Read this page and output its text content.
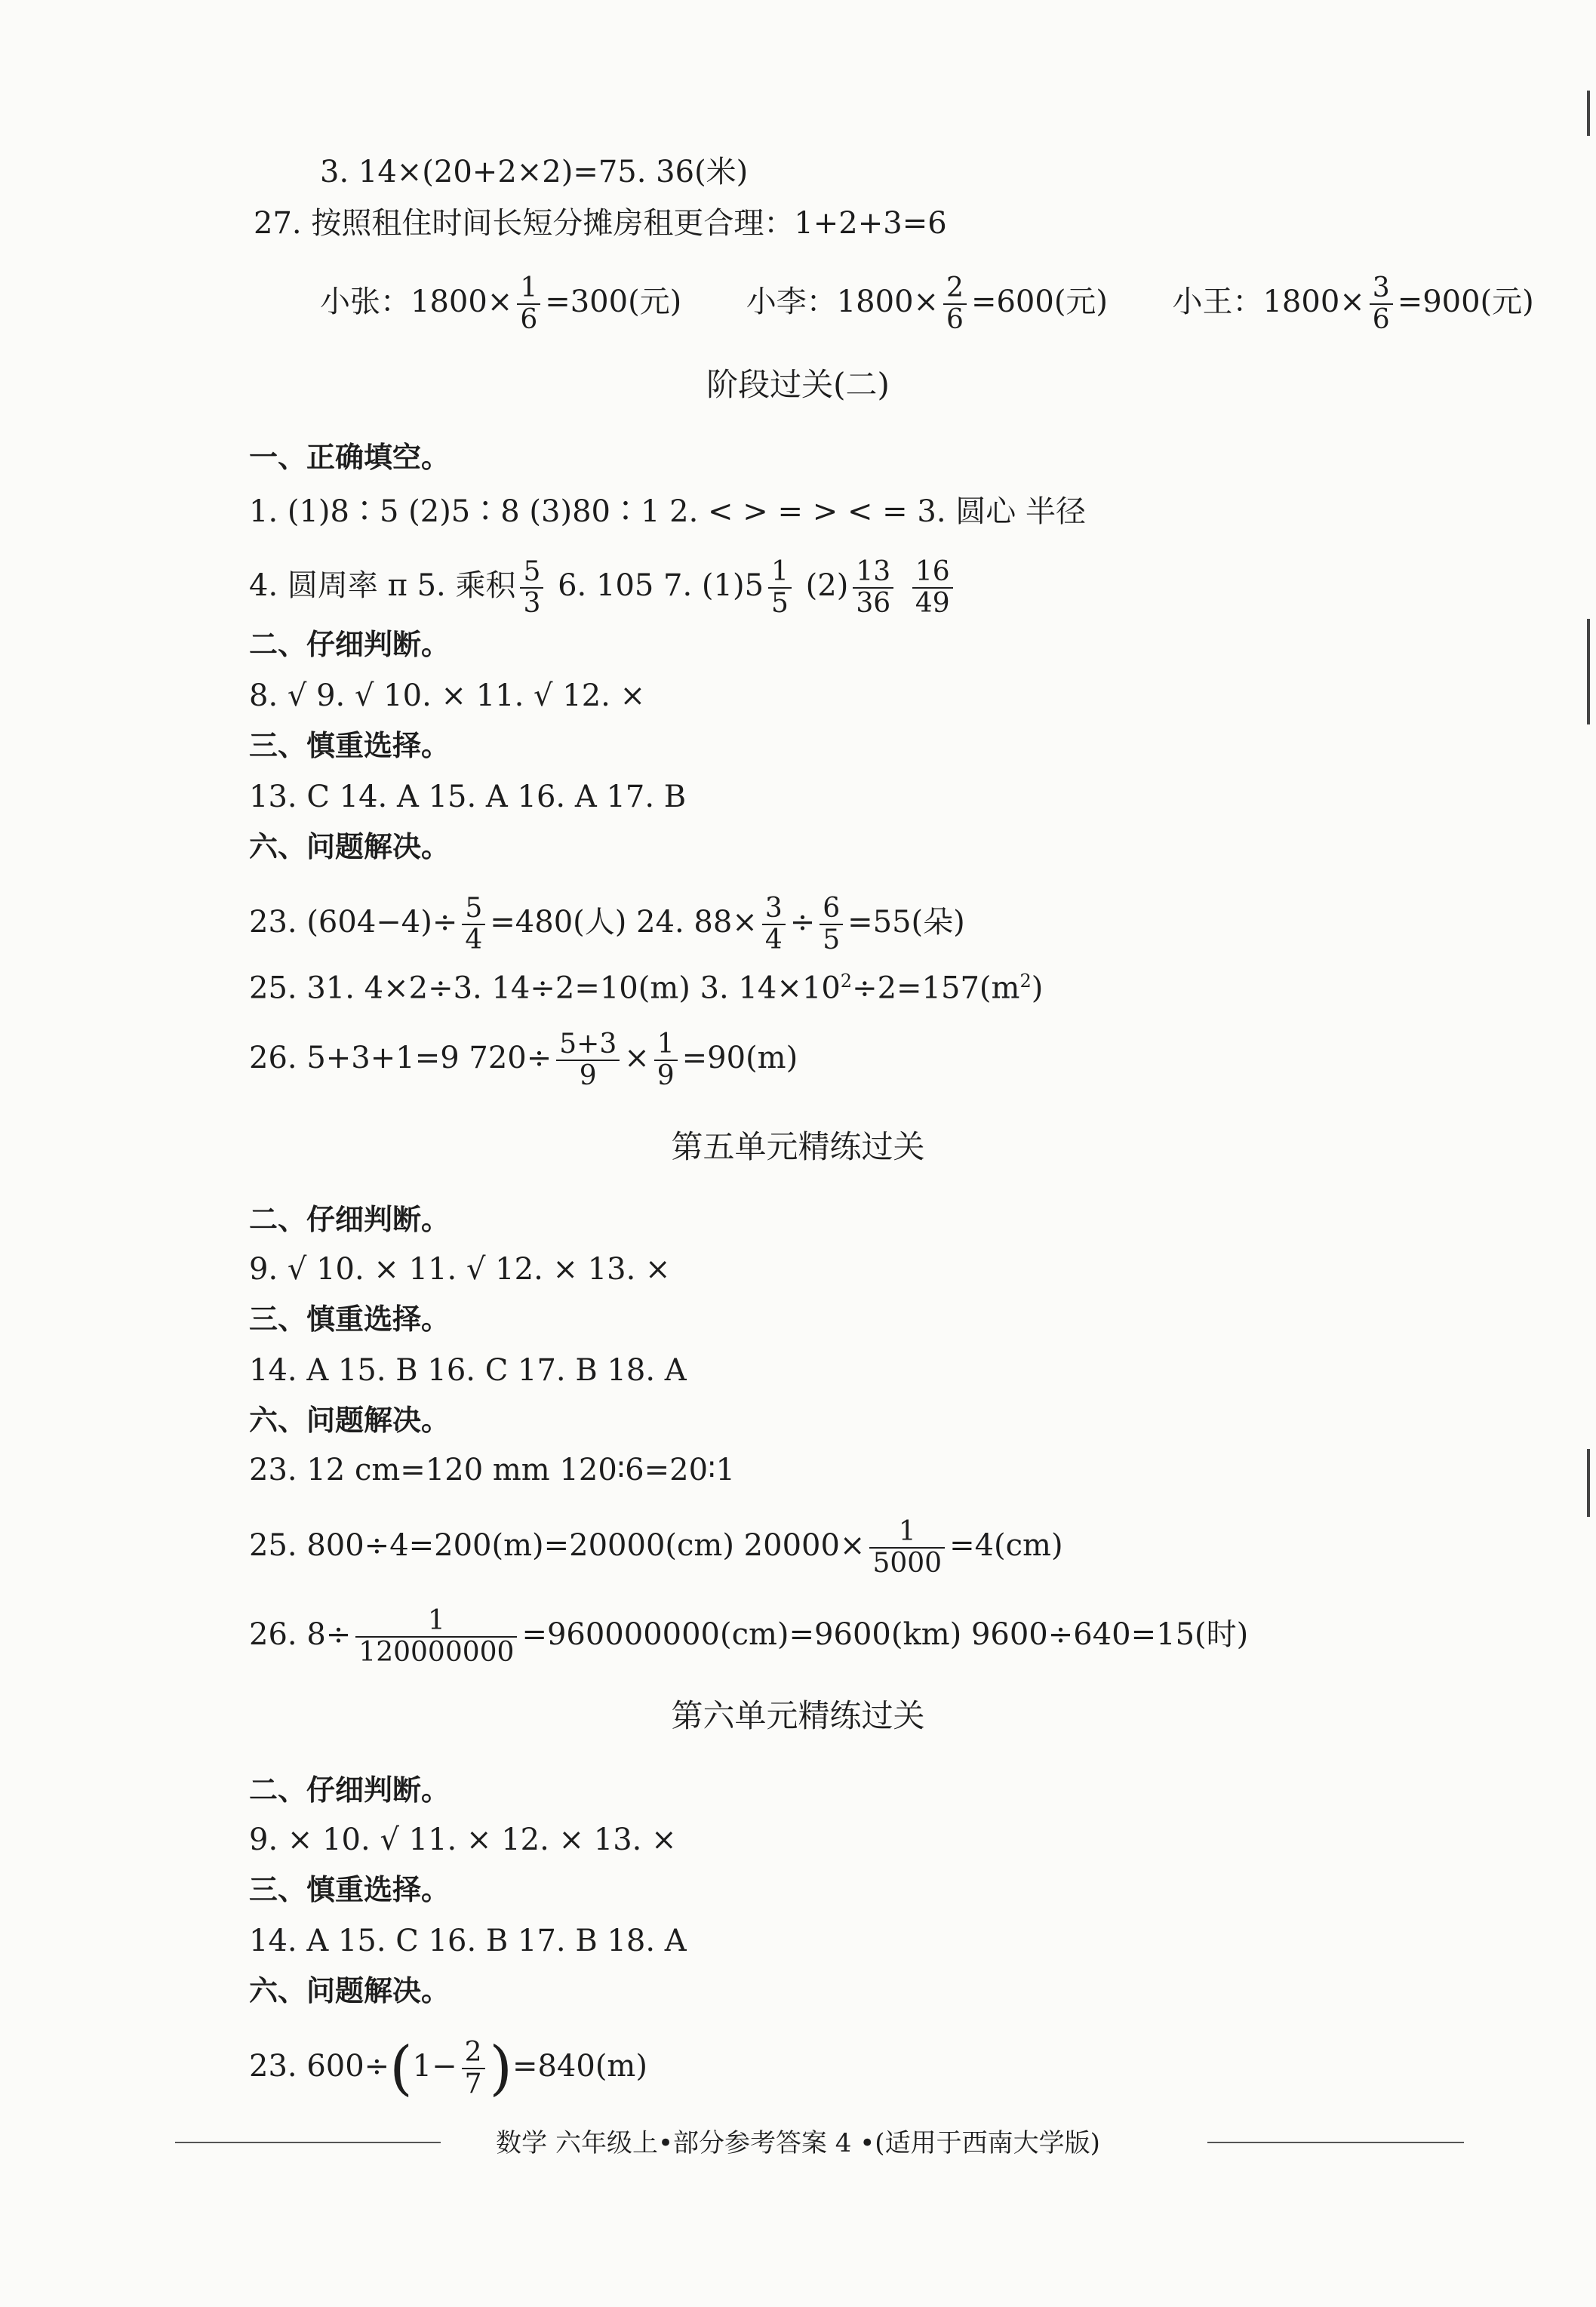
3. 14×(20+2×2)=75. 36(米)
27. 按照租住时间长短分摊房租更合理：1+2+3=6
小张：$1800\times \frac{1}{6} =300$(元) 小李：$1800\times \frac{2}{6} =600$(元) 小王：$1800\times \frac{3}{6} =900$(元)
阶段过关(二)
一、正确填空。
1. (1)8∶5 (2)5∶8 (3)80∶1 2. < > = > < = 3. 圆心 半径
4. 圆周率 π 5. 乘积 $\frac{5}{3} 6$. 105 7. $(1)5 \frac{1}{5} (2) \frac{13}{36}$
$\frac{16}{49}$
二、仔细判断。
8. √ 9. √ 10. × 11. √ 12. ×
三、慎重选择。
13. C 14. A 15. A 16. A 17. B
六、问题解决。
23. $(604-4)\div \frac{5}{4} =480$(人) 24. $88\times \frac{3}{4} \div \frac{6}{5} =55$(朵)
25. 31. 4×2÷3. 14÷2=10(m) 3. $14\times 10^2\div 2=157(m^2)$
26. 5+3+1=9 $720\div \frac{5+3}{9} \times \frac{1}{9} =90(m)$
第五单元精练过关
二、仔细判断。
9. √ 10. × 11. √ 12. × 13. ×
三、慎重选择。
14. A 15. B 16. C 17. B 18. A
六、问题解决。
23. 12 cm=120 mm 120∶6=20∶1
25. 800÷4=200(m)=20000(cm) $20000\times \frac{1}{5000} =4(cm)$
26. $8\div \frac{1}{120000000} =960000000(cm)=9600(km)$ 9600÷640=15(时)
第六单元精练过关
二、仔细判断。
9. × 10. √ 11. × 12. × 13. ×
三、慎重选择。
14. A 15. C 16. B 17. B 18. A
六、问题解决。
23. $600\div(1- \frac{2}{7} )=840(m)$
数学 六年级上•部分参考答案 4 •(适用于西南大学版)
